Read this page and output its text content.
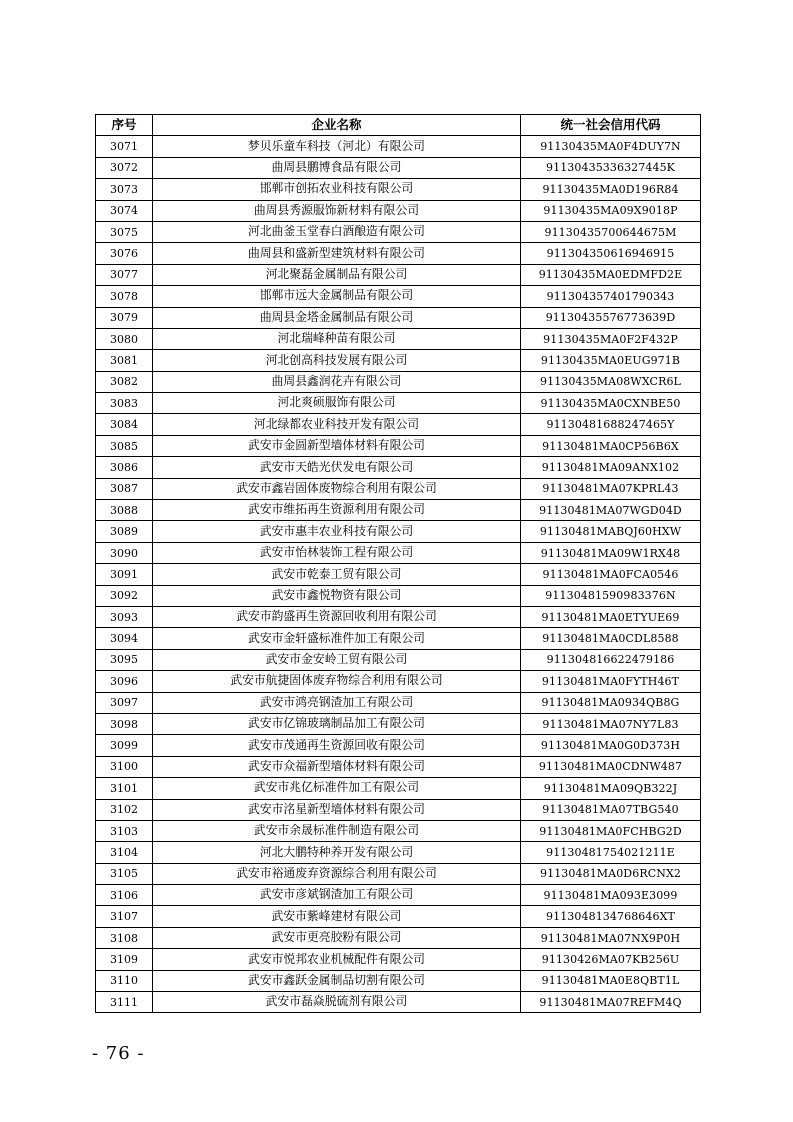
序号	企业名称	统一社会信用代码
3071	梦贝乐童车科技（河北）有限公司	91130435MA0F4DUY7N
3072	曲周县鹏博食品有限公司	91130435336327445K
3073	邯郸市创拓农业科技有限公司	91130435MA0D196R84
3074	曲周县秀源服饰新材料有限公司	91130435MA09X9018P
3075	河北曲釜玉堂春白酒酿造有限公司	91130435700644675M
3076	曲周县和盛新型建筑材料有限公司	911304350616946915
3077	河北聚磊金属制品有限公司	91130435MA0EDMFD2E
3078	邯郸市远大金属制品有限公司	911304357401790343
3079	曲周县金塔金属制品有限公司	91130435576773639D
3080	河北瑞峰种苗有限公司	91130435MA0F2F432P
3081	河北创高科技发展有限公司	91130435MA0EUG971B
3082	曲周县鑫润花卉有限公司	91130435MA08WXCR6L
3083	河北爽硕服饰有限公司	91130435MA0CXNBE50
3084	河北绿都农业科技开发有限公司	91130481688247465Y
3085	武安市金圆新型墙体材料有限公司	91130481MA0CP56B6X
3086	武安市天皓光伏发电有限公司	91130481MA09ANX102
3087	武安市鑫岩固体废物综合利用有限公司	91130481MA07KPRL43
3088	武安市维拓再生资源利用有限公司	91130481MA07WGD04D
3089	武安市惠丰农业科技有限公司	91130481MABQJ60HXW
3090	武安市怡林装饰工程有限公司	91130481MA09W1RX48
3091	武安市乾泰工贸有限公司	91130481MA0FCA0546
3092	武安市鑫悦物资有限公司	91130481590983376N
3093	武安市韵盛再生资源回收利用有限公司	91130481MA0ETYUE69
3094	武安市金轩盛标准件加工有限公司	91130481MA0CDL8588
3095	武安市金安岭工贸有限公司	911304816622479186
3096	武安市航捷固体废弃物综合利用有限公司	91130481MA0FYTH46T
3097	武安市鸿亮钢渣加工有限公司	91130481MA0934QB8G
3098	武安市亿锦玻璃制品加工有限公司	91130481MA07NY7L83
3099	武安市茂通再生资源回收有限公司	91130481MA0G0D373H
3100	武安市众福新型墙体材料有限公司	91130481MA0CDNW487
3101	武安市兆亿标准件加工有限公司	91130481MA09QB322J
3102	武安市洺星新型墙体材料有限公司	91130481MA07TBG540
3103	武安市余晟标准件制造有限公司	91130481MA0FCHBG2D
3104	河北大鹏特种养开发有限公司	91130481754021211E
3105	武安市裕通废弃资源综合利用有限公司	91130481MA0D6RCNX2
3106	武安市彦斌钢渣加工有限公司	91130481MA093E3099
3107	武安市紫峰建材有限公司	9113048134768646XT
3108	武安市更亮胶粉有限公司	91130481MA07NX9P0H
3109	武安市悦邦农业机械配件有限公司	91130426MA07KB256U
3110	武安市鑫跃金属制品切割有限公司	91130481MA0E8QBT1L
3111	武安市磊焱脱硫剂有限公司	91130481MA07REFM4Q
- 76 -
